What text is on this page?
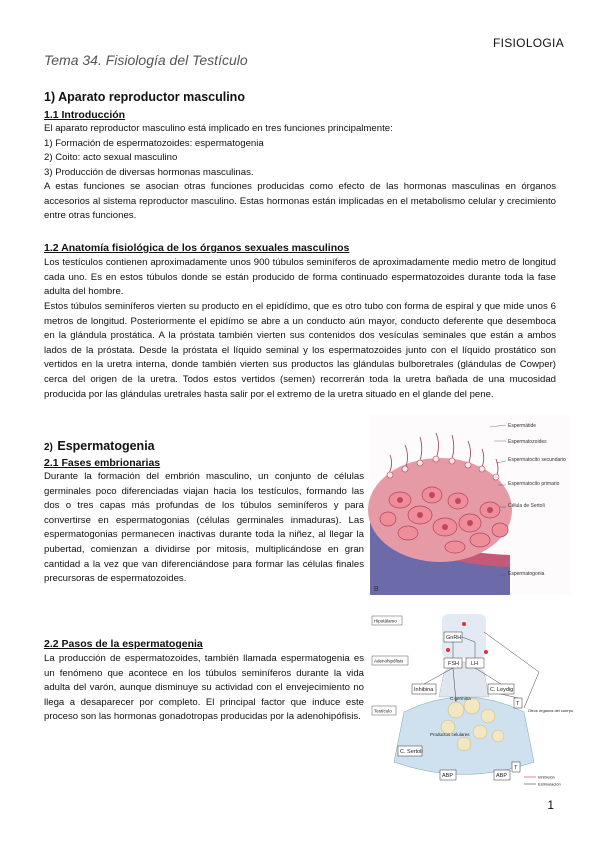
FISIOLOGIA
Tema 34. Fisiología del Testículo
1) Aparato reproductor masculino
1.1 Introducción
El aparato reproductor masculino está implicado en tres funciones principalmente:
1) Formación de espermatozoides: espermatogenia
2) Coito: acto sexual masculino
3) Producción de diversas hormonas masculinas.

A estas funciones se asocian otras funciones producidas como efecto de las hormonas masculinas en órganos accesorios al sistema reproductor masculino. Estas hormonas están implicadas en el metabolismo celular y crecimiento entre otras funciones.

1.2 Anatomía fisiológica de los órganos sexuales masculinos

Los testículos contienen aproximadamente unos 900 túbulos seminíferos de aproximadamente medio metro de longitud cada uno. Es en estos túbulos donde se están producido de forma continuado espermatozoides durante toda la fase adulta del hombre.

Estos túbulos seminíferos vierten su producto en el epidídimo, que es otro tubo con forma de espiral y que mide unos 6 metros de longitud. Posteriormente el epidímo se abre a un conducto aún mayor, conducto deferente que desemboca en la glándula prostática. A la próstata también vierten sus contenidos dos vesículas seminales que están a ambos lados de la próstata. Desde la próstata el líquido seminal y los espermatozoides junto con el líquido prostático son vertidos en la uretra interna, donde también vierten sus productos las glándulas bulboretrales (glándulas de Cowper) cerca del origen de la uretra. Todos estos vertidos (semen) recorrerán toda la uretra bañada de una mucosidad producida por las glándulas uretrales hasta salir por el extremo de la uretra situado en el glande del pene.

2) Espermatogenia
2.1 Fases embrionarias

Durante la formación del embrión masculino, un conjunto de células germinales poco diferenciadas viajan hacia los testículos, formando las dos o tres capas más profundas de los túbulos seminíferos y para convertirse en espermatogonias (células germinales inmaduras). Las espermatogonias permanecen inactivas durante toda la niñez, al llegar la pubertad, comienzan a dividirse por mitosis, multiplicándose en gran cantidad a la vez que van diferenciándose para formar las células finales precursoras de espermatozoides.

2.2 Pasos de la espermatogenia

La producción de espermatozoides, también llamada espermatogenia es un fenómeno que acontece en los túbulos seminíferos durante la vida adulta del varón, aunque disminuye su actividad con el envejecimiento no llega a desaparecer por completo. El principal factor que induce este proceso son las hormonas gonadotropas producidas por la adenohipófisis.

Espermátide
Espermatozoides
Espermatocito secundario
Espermatocito primario
Célula de Sertoli
Espermatogonia
B
Hipotálamo
Adenohipófisis
Testículo
GnRH
FSH LH
Inhibina	C. Leydig
T
C.germina
Productos celulares
C. Sertoli
ABP	ABP
T
Otros órganos del cuerpo
Inhibición
Estimulación
1
